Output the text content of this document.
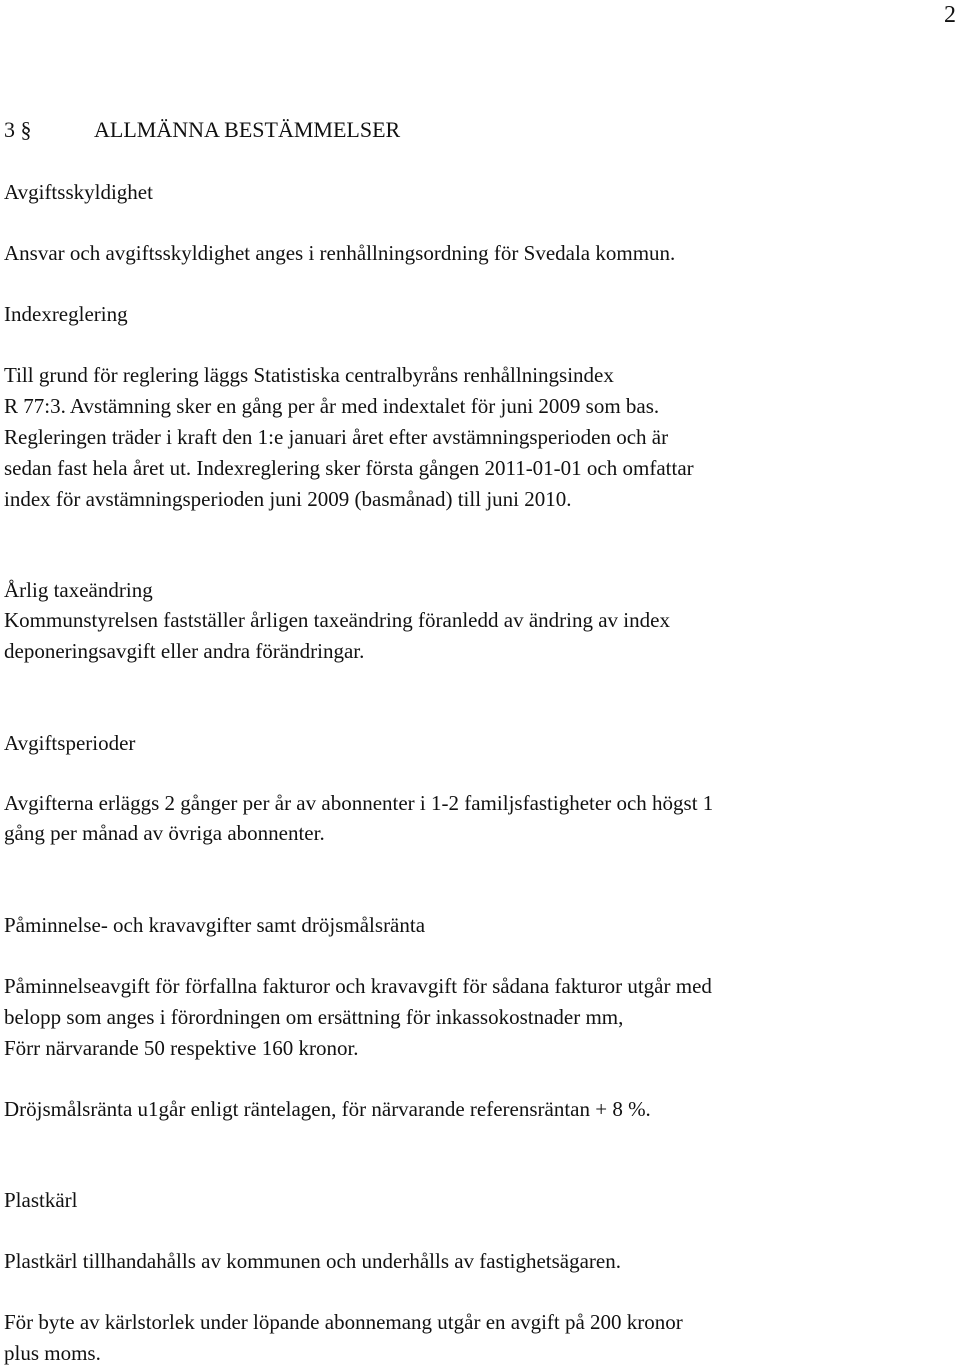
2
3 §	ALLMÄNNA BESTÄMMELSER
Avgiftsskyldighet
Ansvar och avgiftsskyldighet anges i renhållningsordning för Svedala kommun.
Indexreglering
Till grund för reglering läggs Statistiska centralbyråns renhållningsindex
R 77:3. Avstämning sker en gång per år med indextalet för juni 2009 som bas.
Regleringen träder i kraft den 1:e januari året efter avstämningsperioden och är
sedan fast hela året ut. Indexreglering sker första gången 2011-01-01 och omfattar
index för avstämningsperioden juni 2009 (basmånad) till juni 2010.
Årlig taxeändring
Kommunstyrelsen fastställer årligen taxeändring föranledd av ändring av index
deponeringsavgift eller andra förändringar.
Avgiftsperioder
Avgifterna erläggs 2 gånger per år av abonnenter i 1-2 familjsfastigheter och högst 1
gång per månad av övriga abonnenter.
Påminnelse- och kravavgifter samt dröjsmålsränta
Påminnelseavgift för förfallna fakturor och kravavgift för sådana fakturor utgår med
belopp som anges i förordningen om ersättning för inkassokostnader mm,
Förr närvarande 50 respektive 160 kronor.
Dröjsmålsränta u1går enligt räntelagen, för närvarande referensräntan + 8 %.
Plastkärl
Plastkärl tillhandahålls av kommunen och underhålls av fastighetsägaren.
För byte av kärlstorlek under löpande abonnemang utgår en avgift på 200 kronor
plus moms.
